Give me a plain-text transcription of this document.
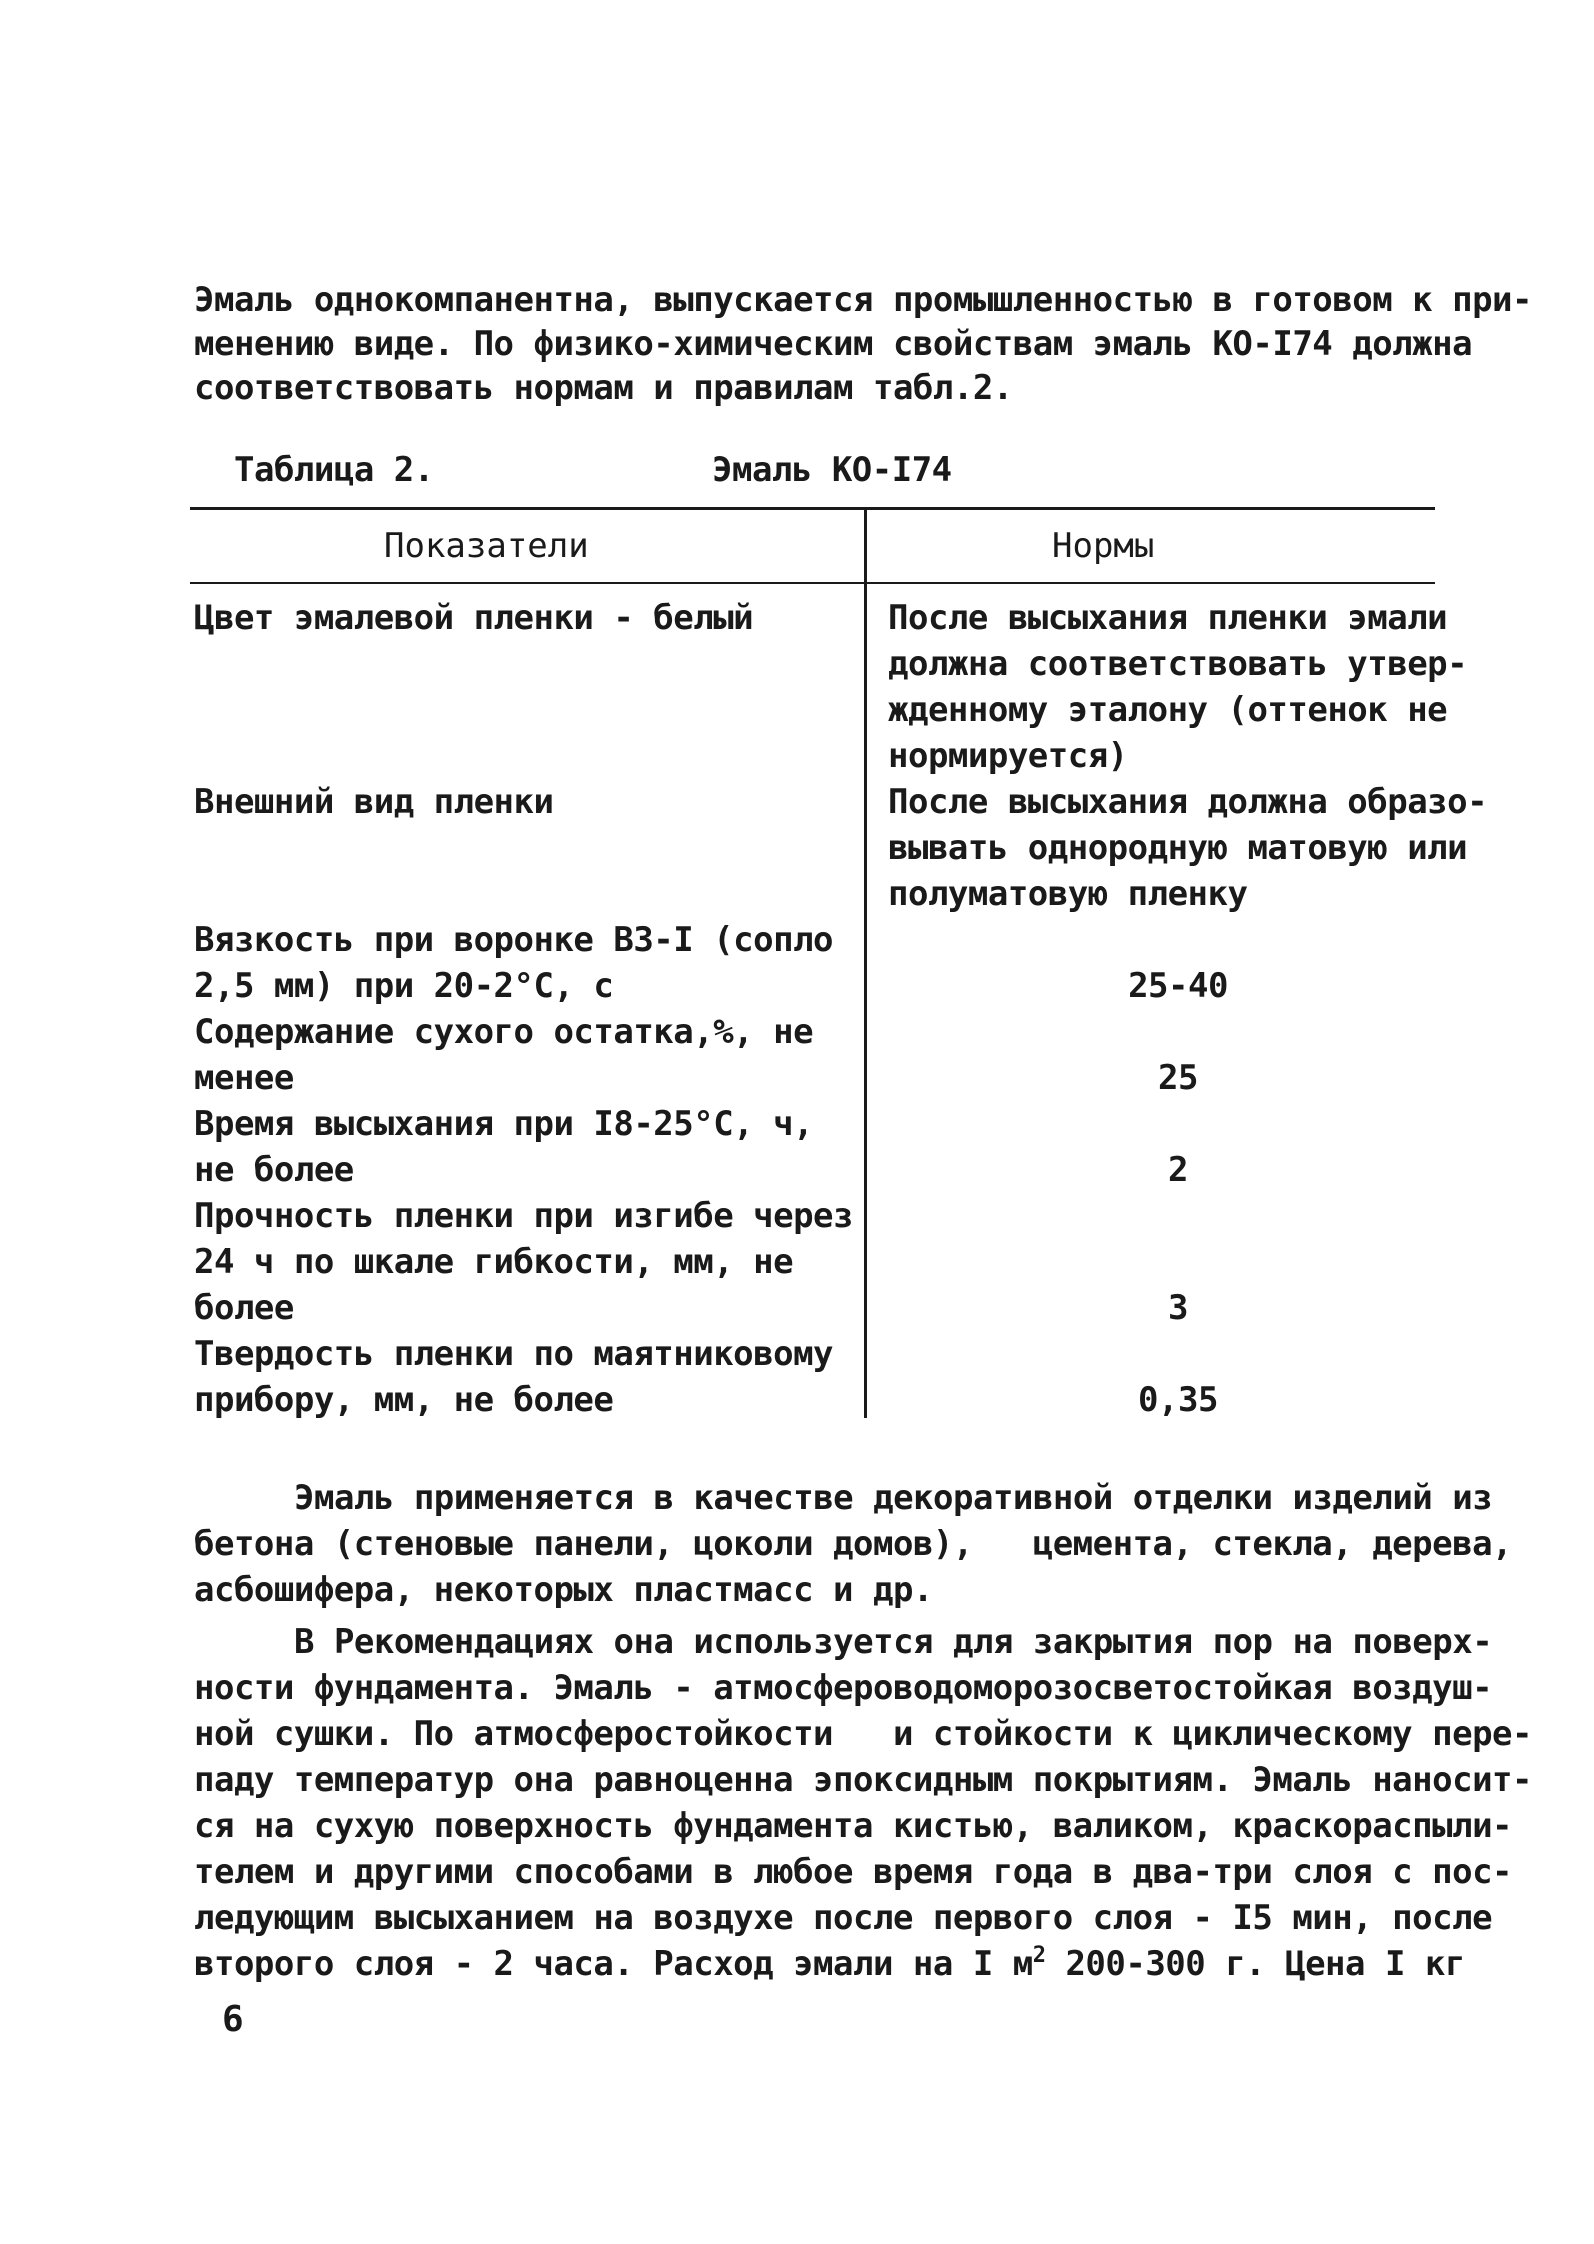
Эмаль однокомпанентна, выпускается промышленностью в готовом к при-
менению виде. По физико-химическим свойствам эмаль КО-I74 должна
соответствовать нормам и правилам табл.2.
Таблица 2.	Эмаль КО-I74
Показатели	Нормы
Цвет эмалевой пленки - белый	После высыхания пленки эмали
должна соответствовать утвер-
жденному эталону (оттенок не
нормируется)
Внешний вид пленки	После высыхания должна образо-
вывать однородную матовую или
полуматовую пленку
Вязкость при воронке ВЗ-I (сопло
2,5 мм) при 20-2°С, с	25-40
Содержание сухого остатка,%, не
менее	25
Время высыхания при I8-25°С, ч,
не более	2
Прочность пленки при изгибе через
24 ч по шкале гибкости, мм, не
более	3
Твердость пленки по маятниковому
прибору, мм, не более	0,35
Эмаль применяется в качестве декоративной отделки изделий из
бетона (стеновые панели, цоколи домов),   цемента, стекла, дерева,
асбошифера, некоторых пластмасс и др.
В Рекомендациях она используется для закрытия пор на поверх-
ности фундамента. Эмаль - атмосфероводоморозосветостойкая воздуш-
ной сушки. По атмосферостойкости   и стойкости к циклическому пере-
паду температур она равноценна эпоксидным покрытиям. Эмаль наносит-
ся на сухую поверхность фундамента кистью, валиком, краскораспыли-
телем и другими способами в любое время года в два-три слоя с пос-
ледующим высыханием на воздухе после первого слоя - I5 мин, после
второго слоя - 2 часа. Расход эмали на I $м^2$ 200-300 г. Цена I кг
6
